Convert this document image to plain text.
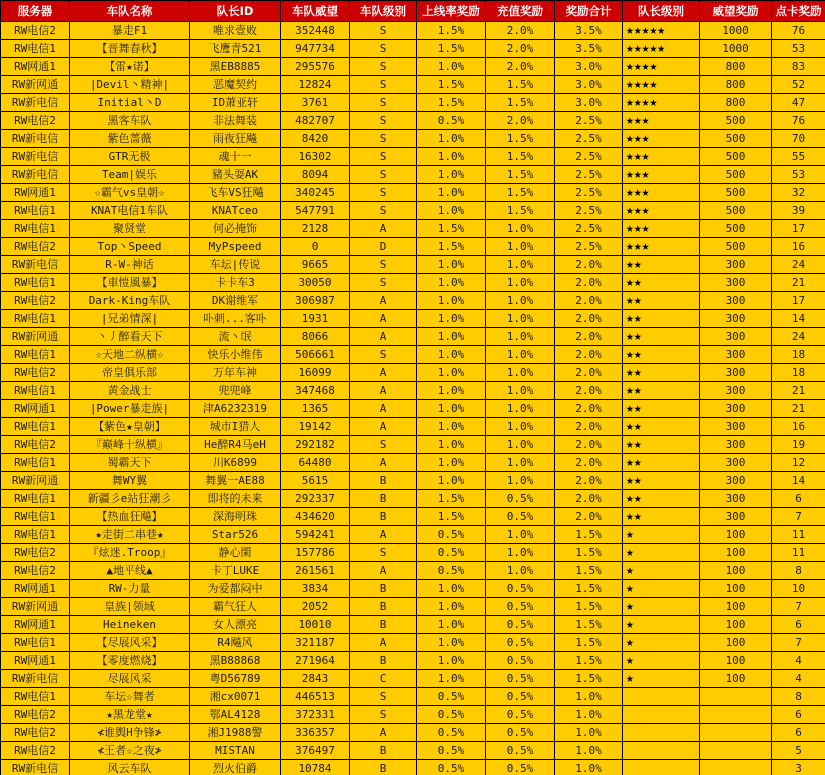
服务器	车队名称	队长ID	车队威望	车队级别	上线率奖励	充值奖励	奖励合计	队长级别	威望奖励	点卡奖励
RW电信2	暴走F1	唯求壹败	352448	S	1.5%	2.0%	3.5%	★★★★★	1000	76
RW电信1	【晋舞春秋】	飞鹰青521	947734	S	1.5%	2.0%	3.5%	★★★★★	1000	53
RW网通1	【雷★诺】	黑EB8885	295576	S	1.0%	2.0%	3.0%	★★★★	800	83
RW新网通	|Devil丶精神|	恶魔契约	12824	S	1.5%	1.5%	3.0%	★★★★	800	52
RW新电信	Initial丶D	ID萧亚轩	3761	S	1.5%	1.5%	3.0%	★★★★	800	47
RW电信2	黑客车队	非法舞装	482707	S	0.5%	2.0%	2.5%	★★★	500	76
RW新电信	紫色蔷薇	雨夜狂飚	8420	S	1.0%	1.5%	2.5%	★★★	500	70
RW新电信	GTR无极	魂十一	16302	S	1.0%	1.5%	2.5%	★★★	500	55
RW新电信	Team|娱乐	豬头耍AK	8094	S	1.0%	1.5%	2.5%	★★★	500	53
RW网通1	☆霸气vs皇朝☆	飞车VS狂飚	340245	S	1.0%	1.5%	2.5%	★★★	500	32
RW电信1	KNAT电信1车队	KNATceo	547791	S	1.0%	1.5%	2.5%	★★★	500	39
RW电信1	聚贤堂	何必掩饰	2128	A	1.5%	1.0%	2.5%	★★★	500	17
RW电信2	Top丶Speed	MyPspeed	0	D	1.5%	1.0%	2.5%	★★★	500	16
RW新电信	R-W-神话	车坛|传说	9665	S	1.0%	1.0%	2.0%	★★	300	24
RW电信1	【車愷風暴】	卡卡车3	30050	S	1.0%	1.0%	2.0%	★★	300	21
RW电信2	Dark-King车队	DK谢维军	306987	A	1.0%	1.0%	2.0%	★★	300	17
RW电信1	|兄弟情深|	卟刺...客卟	1931	A	1.0%	1.0%	2.0%	★★	300	14
RW新网通	丶丿醉看天下	流丶氓	8066	A	1.0%	1.0%	2.0%	★★	300	24
RW电信1	☆天地二纵横☆	快乐小维伟	506661	S	1.0%	1.0%	2.0%	★★	300	18
RW电信2	帝皇俱乐部	万年车神	16099	A	1.0%	1.0%	2.0%	★★	300	18
RW电信1	黄金战士	兜兜峰	347468	A	1.0%	1.0%	2.0%	★★	300	21
RW网通1	|Power暴走族|	津A6232319	1365	A	1.0%	1.0%	2.0%	★★	300	21
RW电信1	【紫色★皇朝】	城市I猎人	19142	A	1.0%	1.0%	2.0%	★★	300	16
RW电信2	『巅峰十纵横』	He醉R4马eH	292182	S	1.0%	1.0%	2.0%	★★	300	19
RW电信1	蜀霸天下	川K6899	64480	A	1.0%	1.0%	2.0%	★★	300	12
RW新网通	舞WY翼	舞翼一AE88	5615	B	1.0%	1.0%	2.0%	★★	300	14
RW电信1	新疆彡e站狂潮彡	即将的未来	292337	B	1.5%	0.5%	2.0%	★★	300	6
RW电信1	【热血狂飚】	深海明珠	434620	B	1.5%	0.5%	2.0%	★★	300	7
RW电信1	★走街二串巷★	Star526	594241	A	0.5%	1.0%	1.5%	★	100	11
RW电信2	『炫迷.Troop』	静心閑	157786	S	0.5%	1.0%	1.5%	★	100	11
RW电信2	▲地平线▲	卡丁LUKE	261561	A	0.5%	1.0%	1.5%	★	100	8
RW网通1	RW-力量	为爱都闷中	3834	B	1.0%	0.5%	1.5%	★	100	10
RW新网通	皇族|领域	霸气狂人	2052	B	1.0%	0.5%	1.5%	★	100	7
RW网通1	Heineken	女人漂亮	10010	B	1.0%	0.5%	1.5%	★	100	6
RW电信1	【尽展风采】	R4飚风	321187	A	1.0%	0.5%	1.5%	★	100	7
RW网通1	【零度燃烧】	黑B88868	271964	B	1.0%	0.5%	1.5%	★	100	4
RW新电信	尽展风采	粤D56789	2843	C	1.0%	0.5%	1.5%	★	100	4
RW电信1	车坛☆舞者	湘cx0071	446513	S	0.5%	0.5%	1.0%			8
RW电信2	★黑龙堂★	鄂AL4128	372331	S	0.5%	0.5%	1.0%			6
RW电信2	≮谁舆H争锋≯	湘J1988警	336357	A	0.5%	0.5%	1.0%			6
RW电信2	≮王者☆之夜≯	MISTAN	376497	B	0.5%	0.5%	1.0%			5
RW新电信	风云车队	烈火伯爵	10784	B	0.5%	0.5%	1.0%			3
